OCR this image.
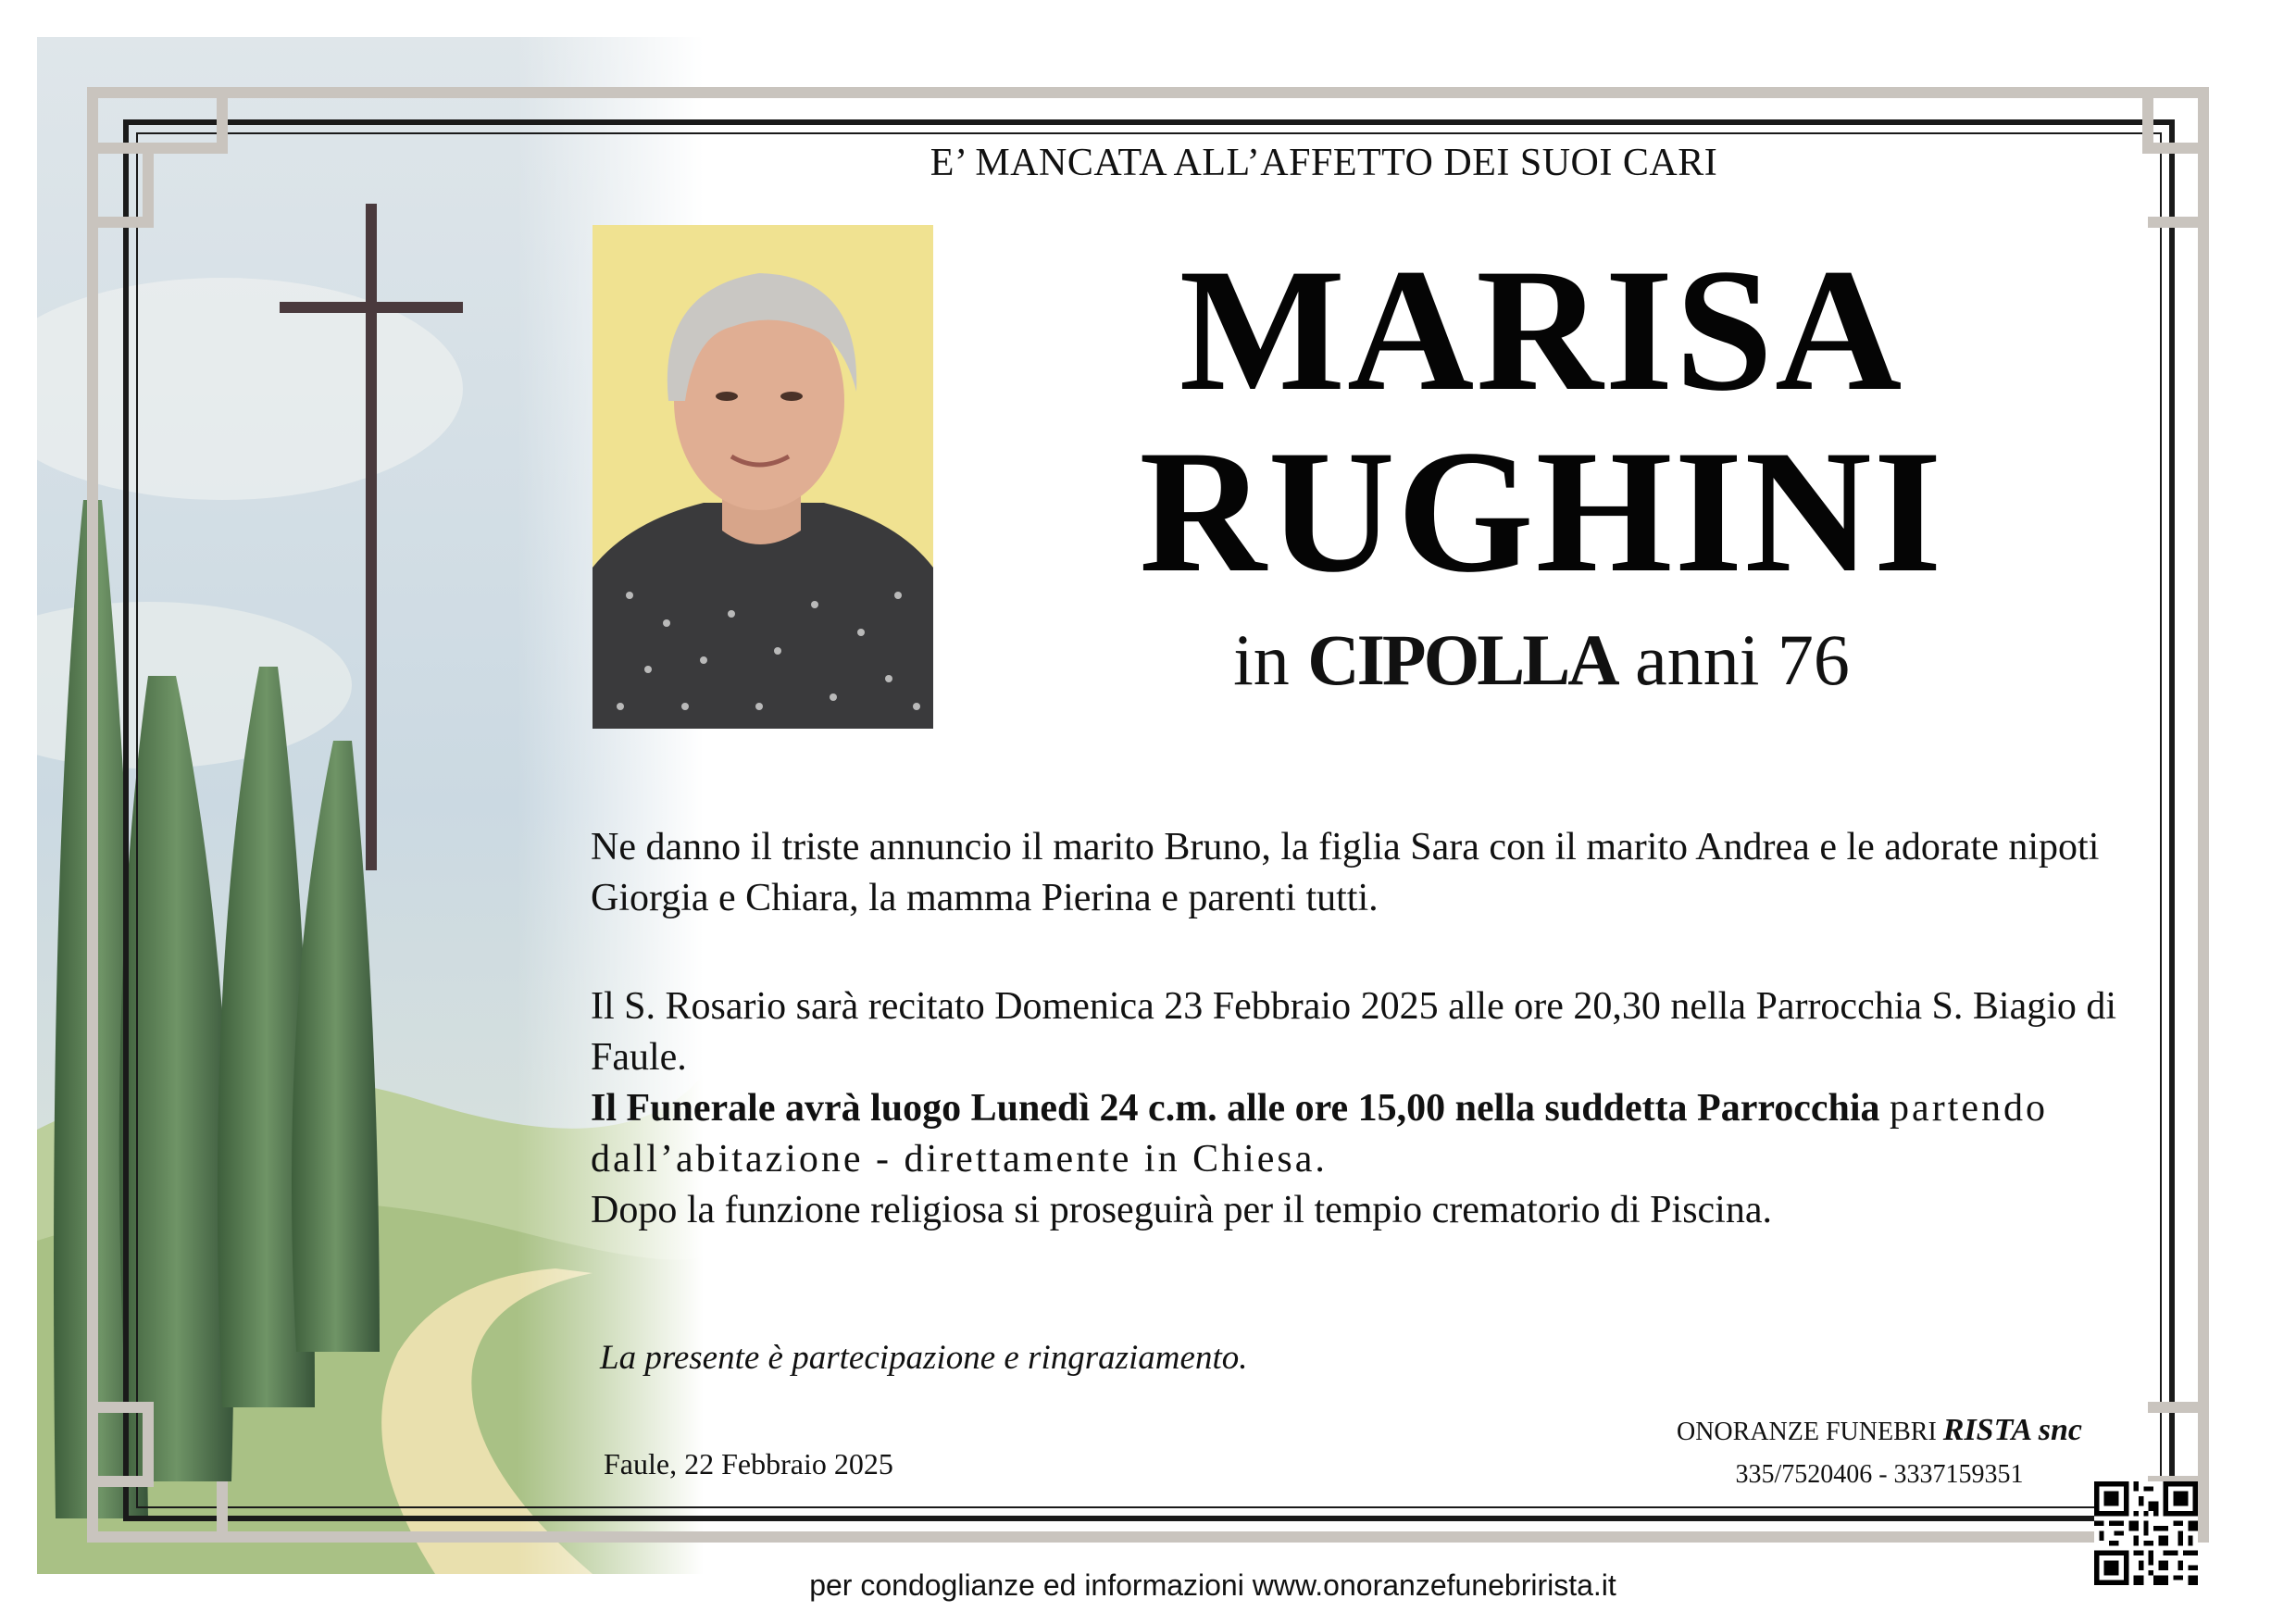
E’ MANCATA ALL’AFFETTO DEI SUOI CARI
MARISA
RUGHINI
in CIPOLLA anni 76
Ne danno il triste annuncio il marito Bruno, la figlia Sara con il marito Andrea e le adorate nipoti Giorgia e Chiara, la mamma Pierina e parenti tutti.
Il S. Rosario sarà recitato Domenica 23 Febbraio 2025 alle ore 20,30 nella Parrocchia S. Biagio di Faule.
Il Funerale avrà luogo Lunedì 24 c.m. alle ore 15,00 nella suddetta Parrocchia partendo dall’abitazione - direttamente in Chiesa.
Dopo la funzione religiosa si proseguirà per il tempio crematorio di Piscina.
La presente è partecipazione e ringraziamento.
Faule, 22 Febbraio 2025
ONORANZE FUNEBRI RISTA snc
335/7520406 - 3337159351
per condoglianze ed informazioni www.onoranzefunebrirista.it
